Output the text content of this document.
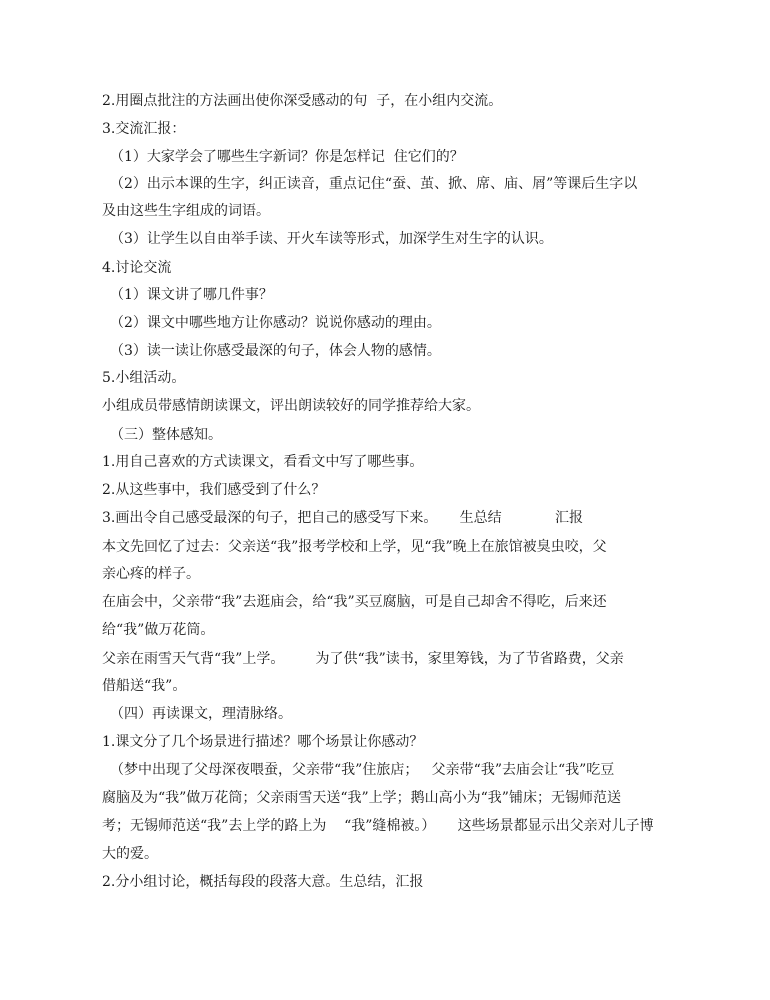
2.用圈点批注的方法画出使你深受感动的句  子，在小组内交流。
3.交流汇报：
（1）大家学会了哪些生字新词？你是怎样记  住它们的？
（2）出示本课的生字，纠正读音，重点记住“蚕、茧、掀、席、庙、屑”等课后生字以
及由这些生字组成的词语。
（3）让学生以自由举手读、开火车读等形式，加深学生对生字的认识。
4.讨论交流
（1）课文讲了哪几件事？
（2）课文中哪些地方让你感动？说说你感动的理由。
（3）读一读让你感受最深的句子，体会人物的感情。
5.小组活动。
小组成员带感情朗读课文，评出朗读较好的同学推荐给大家。
（三）整体感知。
1.用自己喜欢的方式读课文，看看文中写了哪些事。
2.从这些事中，我们感受到了什么？
3.画出令自己感受最深的句子，把自己的感受写下来。     生总结            汇报
本文先回忆了过去：父亲送“我”报考学校和上学，见“我”晚上在旅馆被臭虫咬，父
亲心疼的样子。
在庙会中，父亲带“我”去逛庙会，给“我”买豆腐脑，可是自己却舍不得吃，后来还
给“我”做万花筒。
父亲在雨雪天气背“我”上学。       为了供“我”读书，家里筹钱，为了节省路费，父亲
借船送“我”。
（四）再读课文，理清脉络。
1.课文分了几个场景进行描述？哪个场景让你感动？
（梦中出现了父母深夜喂蚕，父亲带“我”住旅店；   父亲带“我”去庙会让“我”吃豆
腐脑及为“我”做万花筒；父亲雨雪天送“我”上学；鹅山高小为“我”铺床；无锡师范送
考；无锡师范送“我”去上学的路上为    “我”缝棉被。）     这些场景都显示出父亲对儿子博
大的爱。
2.分小组讨论，概括每段的段落大意。生总结，汇报
